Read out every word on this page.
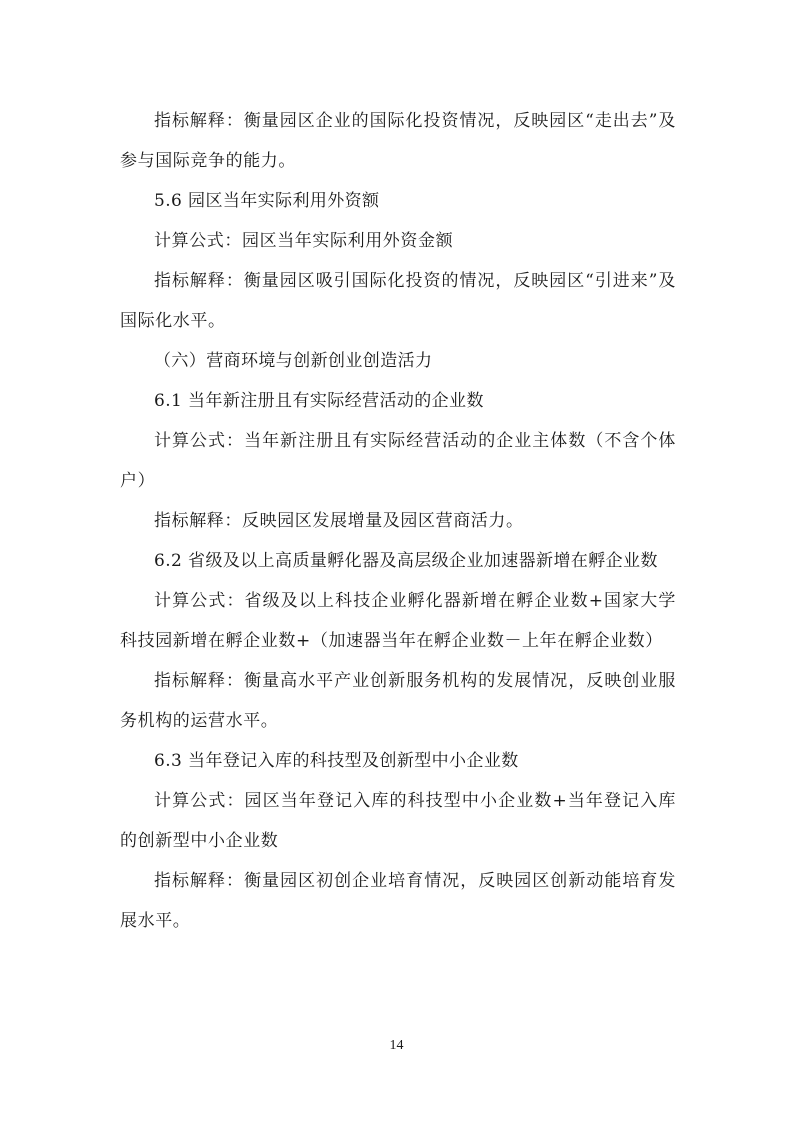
指标解释：衡量园区企业的国际化投资情况，反映园区“走出去”及参与国际竞争的能力。

5.6 园区当年实际利用外资额

计算公式：园区当年实际利用外资金额

指标解释：衡量园区吸引国际化投资的情况，反映园区“引进来”及国际化水平。

（六）营商环境与创新创业创造活力

6.1 当年新注册且有实际经营活动的企业数

计算公式：当年新注册且有实际经营活动的企业主体数（不含个体户）

指标解释：反映园区发展增量及园区营商活力。

6.2 省级及以上高质量孵化器及高层级企业加速器新增在孵企业数

计算公式：省级及以上科技企业孵化器新增在孵企业数+国家大学科技园新增在孵企业数+（加速器当年在孵企业数－上年在孵企业数）

指标解释：衡量高水平产业创新服务机构的发展情况，反映创业服务机构的运营水平。

6.3 当年登记入库的科技型及创新型中小企业数

计算公式：园区当年登记入库的科技型中小企业数+当年登记入库的创新型中小企业数

指标解释：衡量园区初创企业培育情况，反映园区创新动能培育发展水平。

14
